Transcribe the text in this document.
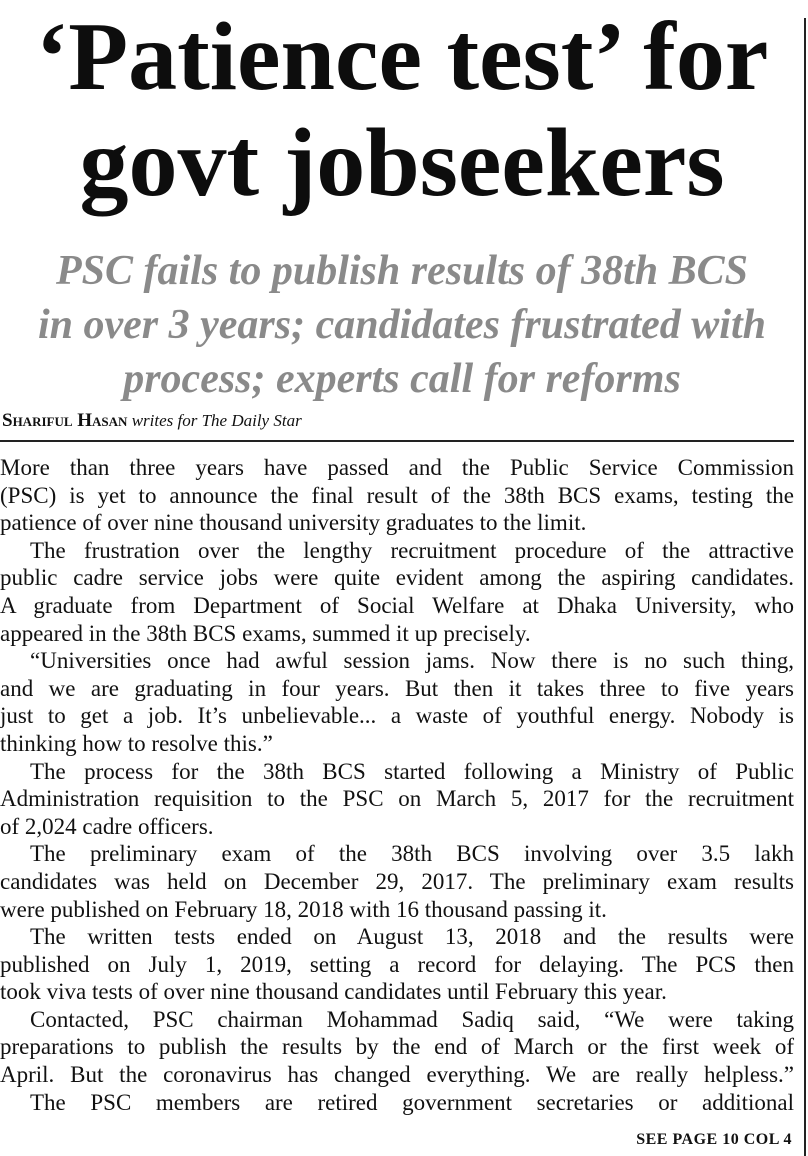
‘Patience test’ for
govt jobseekers
PSC fails to publish results of 38th BCS
in over 3 years; candidates frustrated with
process; experts call for reforms
Shariful Hasan writes for The Daily Star
More than three years have passed and the Public Service Commission
(PSC) is yet to announce the final result of the 38th BCS exams, testing the
patience of over nine thousand university graduates to the limit.
The frustration over the lengthy recruitment procedure of the attractive
public cadre service jobs were quite evident among the aspiring candidates.
A graduate from Department of Social Welfare at Dhaka University, who
appeared in the 38th BCS exams, summed it up precisely.
“Universities once had awful session jams. Now there is no such thing,
and we are graduating in four years. But then it takes three to five years
just to get a job. It’s unbelievable... a waste of youthful energy. Nobody is
thinking how to resolve this.”
The process for the 38th BCS started following a Ministry of Public
Administration requisition to the PSC on March 5, 2017 for the recruitment
of 2,024 cadre officers.
The preliminary exam of the 38th BCS involving over 3.5 lakh
candidates was held on December 29, 2017. The preliminary exam results
were published on February 18, 2018 with 16 thousand passing it.
The written tests ended on August 13, 2018 and the results were
published on July 1, 2019, setting a record for delaying. The PCS then
took viva tests of over nine thousand candidates until February this year.
Contacted, PSC chairman Mohammad Sadiq said, “We were taking
preparations to publish the results by the end of March or the first week of
April. But the coronavirus has changed everything. We are really helpless.”
The PSC members are retired government secretaries or additional
SEE PAGE 10 COL 4
